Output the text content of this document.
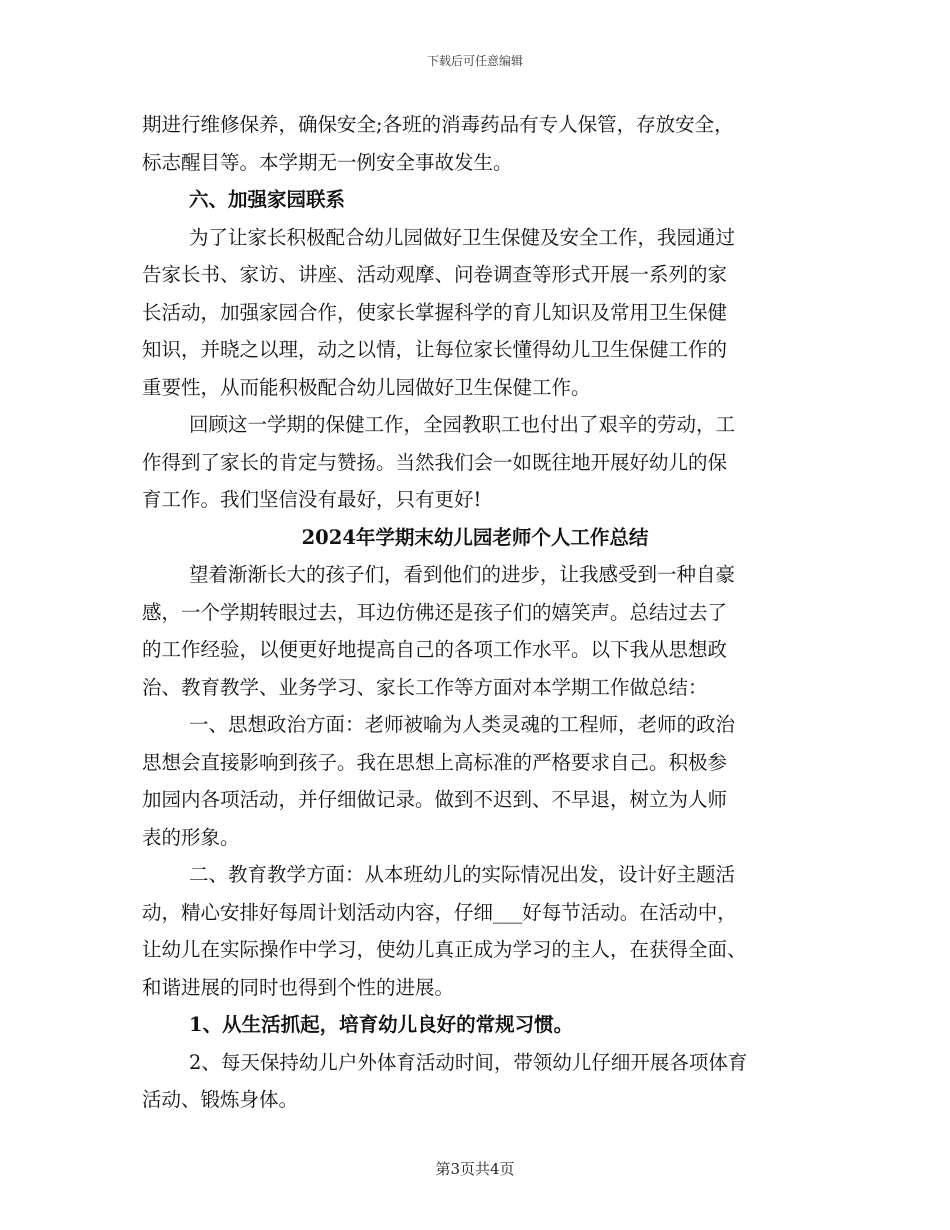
下载后可任意编辑
期进行维修保养，确保安全;各班的消毒药品有专人保管，存放安全，
标志醒目等。本学期无一例安全事故发生。
六、加强家园联系
为了让家长积极配合幼儿园做好卫生保健及安全工作，我园通过
告家长书、家访、讲座、活动观摩、问卷调查等形式开展一系列的家
长活动，加强家园合作，使家长掌握科学的育儿知识及常用卫生保健
知识，并晓之以理，动之以情，让每位家长懂得幼儿卫生保健工作的
重要性，从而能积极配合幼儿园做好卫生保健工作。
回顾这一学期的保健工作，全园教职工也付出了艰辛的劳动，工
作得到了家长的肯定与赞扬。当然我们会一如既往地开展好幼儿的保
育工作。我们坚信没有最好，只有更好!
2024年学期末幼儿园老师个人工作总结
望着渐渐长大的孩子们，看到他们的进步，让我感受到一种自豪
感，一个学期转眼过去，耳边仿佛还是孩子们的嬉笑声。总结过去了
的工作经验，以便更好地提高自己的各项工作水平。以下我从思想政
治、教育教学、业务学习、家长工作等方面对本学期工作做总结：
一、思想政治方面：老师被喻为人类灵魂的工程师，老师的政治
思想会直接影响到孩子。我在思想上高标准的严格要求自己。积极参
加园内各项活动，并仔细做记录。做到不迟到、不早退，树立为人师
表的形象。
二、教育教学方面：从本班幼儿的实际情况出发，设计好主题活
动，精心安排好每周计划活动内容，仔细___好每节活动。在活动中，
让幼儿在实际操作中学习，使幼儿真正成为学习的主人，在获得全面、
和谐进展的同时也得到个性的进展。
1、从生活抓起，培育幼儿良好的常规习惯。
2、每天保持幼儿户外体育活动时间，带领幼儿仔细开展各项体育
活动、锻炼身体。
第3页共4页
